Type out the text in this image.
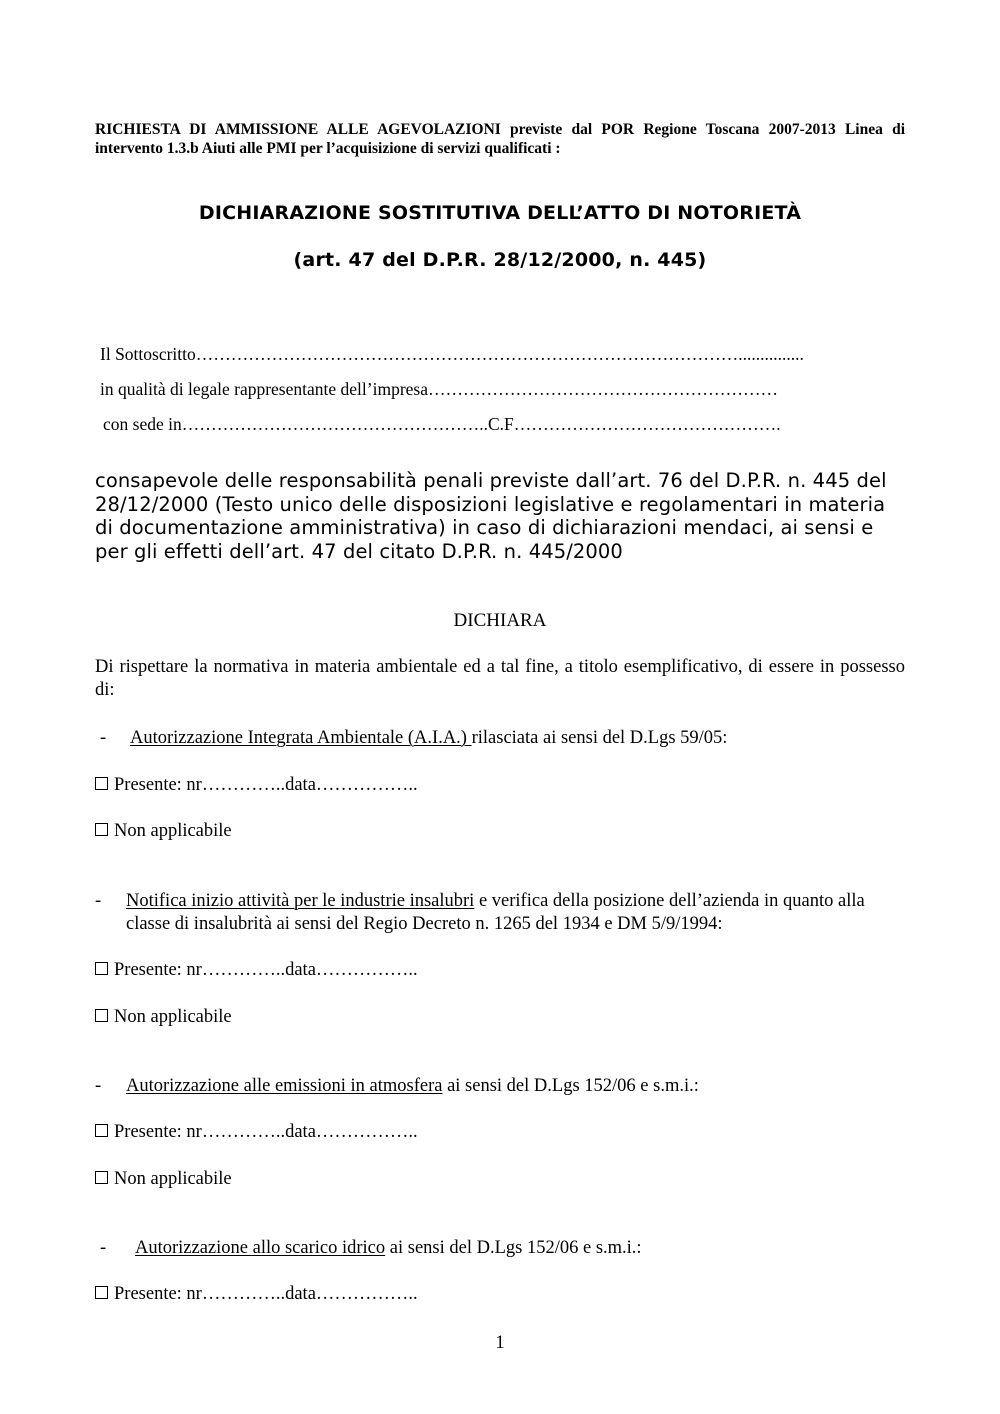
RICHIESTA DI AMMISSIONE ALLE AGEVOLAZIONI previste dal POR Regione Toscana 2007-2013 Linea di intervento 1.3.b Aiuti alle PMI per l’acquisizione di servizi qualificati :
DICHIARAZIONE SOSTITUTIVA DELL’ATTO DI NOTORIETÀ
(art. 47 del D.P.R. 28/12/2000, n. 445)
Il Sottoscritto…………………………………………………………………………………...............
in qualità di legale rappresentante dell’impresa……………………………………………………
con sede in……………………………………………..C.F……………………………………….
consapevole delle responsabilità penali previste dall’art. 76 del D.P.R. n. 445 del 28/12/2000 (Testo unico delle disposizioni legislative e regolamentari in materia di documentazione amministrativa) in caso di dichiarazioni mendaci, ai sensi e per gli effetti dell’art. 47 del citato D.P.R. n. 445/2000
DICHIARA
Di rispettare la normativa in materia ambientale ed a tal fine, a titolo esemplificativo, di essere in possesso di:
- Autorizzazione Integrata Ambientale (A.I.A.) rilasciata ai sensi del D.Lgs 59/05:
Presente: nr…………..data……………..
Non applicabile
- Notifica inizio attività per le industrie insalubri e verifica della posizione dell’azienda in quanto alla classe di insalubrità ai sensi del Regio Decreto n. 1265 del 1934 e DM 5/9/1994:
Presente: nr…………..data……………..
Non applicabile
- Autorizzazione alle emissioni in atmosfera ai sensi del D.Lgs 152/06 e s.m.i.:
Presente: nr…………..data……………..
Non applicabile
- Autorizzazione allo scarico idrico ai sensi del D.Lgs 152/06 e s.m.i.:
Presente: nr…………..data……………..
1
